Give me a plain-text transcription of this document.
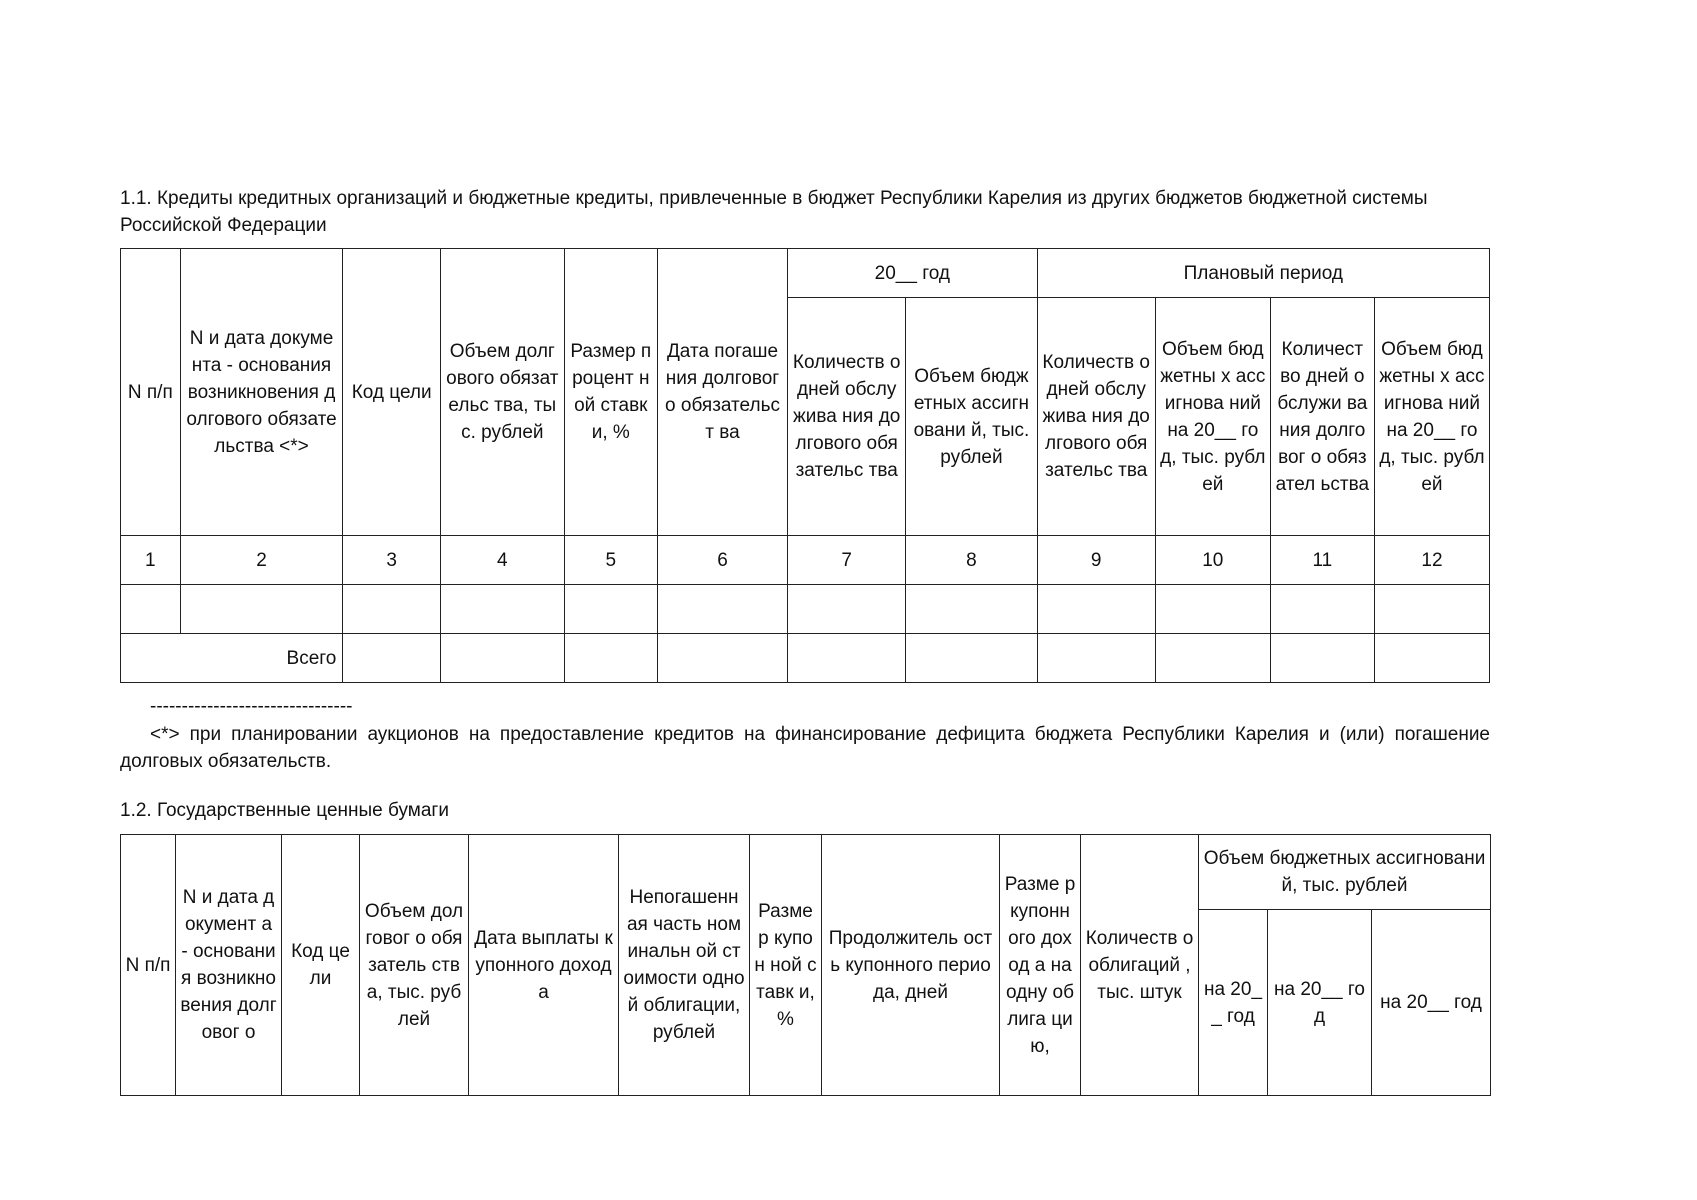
1.1. Кредиты кредитных организаций и бюджетные кредиты, привлеченные в бюджет Республики Карелия из других бюджетов бюджетной системы Российской Федерации

N п/п	N и дата документа - основания возникновения долгового обязательства <*>	Код цели	Объем долгового обязательс тва, тыс. рублей	Размер процент ной ставки, %	Дата погашения долгового обязательст ва	20__ год		Плановый период			
						Количеств о дней обслужива ния долгового обязательс тва	Объем бюджетных ассигновани й, тыс. рублей	Количеств о дней обслужива ния долгового обязательс тва	Объем бюджетны х ассигнова ний на 20__ год, тыс. рублей	Количест во дней обслужи вания долговог о обязател ьства	Объем бюджетны х ассигнова ний на 20__ год, тыс. рублей
1	2	3	4	5	6	7	8	9	10	11	12

Всего											
--------------------------------

<*> при планировании аукционов на предоставление кредитов на финансирование дефицита бюджета Республики Карелия и (или) погашение долговых обязательств.

1.2. Государственные ценные бумаги

N п/п	N и дата документ а - основани я возникно вения долговог о	Код цели	Объем долговог о обязатель ства, тыс. рублей	Дата выплаты купонного дохода	Непогашенн ая часть номинальн ой стоимости одной облигации, рублей	Разме р купон ной ставк и, %	Продолжитель ость купонного периода, дней	Разме р купонн ого доход а на одну облига цию,	Количеств о облигаций , тыс. штук	Объем бюджетных ассигнований, тыс. рублей		
										на 20__ год	на 20__ год	на 20__ год
